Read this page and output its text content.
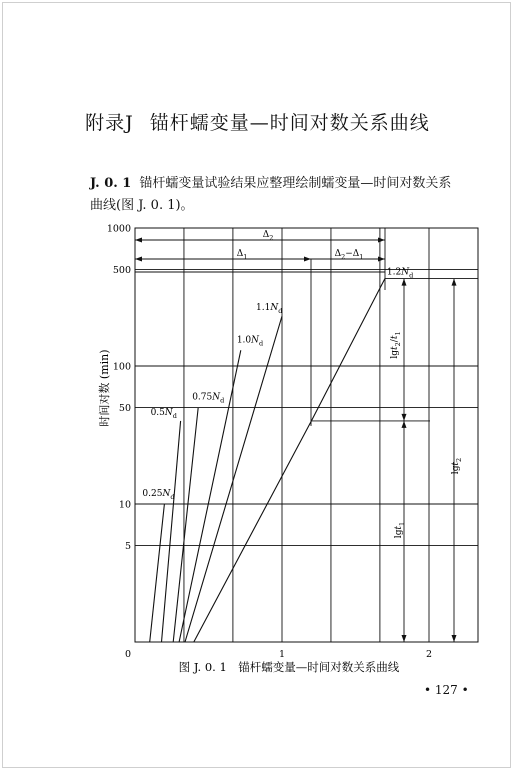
附录J 锚杆蠕变量—时间对数关系曲线
J. 0. 1 锚杆蠕变量试验结果应整理绘制蠕变量—时间对数关系
曲线(图 J. 0. 1)。
$\Delta_2$
$\Delta_1$	$\Delta_2-\Delta_1$
$\lg t_2/t_1$
lgt$_1$
lgt$_2$
$0.25N_d$
$0.5N_d$
$0.75N_d$
$1.0N_d$
$1.1N_d$
$1.2N_d$
1000
500
100
50
10
5
0	1	2
图 J. 0. 1　锚杆蠕变量—时间对数关系曲线
时间对数 (min)
• 127 •
